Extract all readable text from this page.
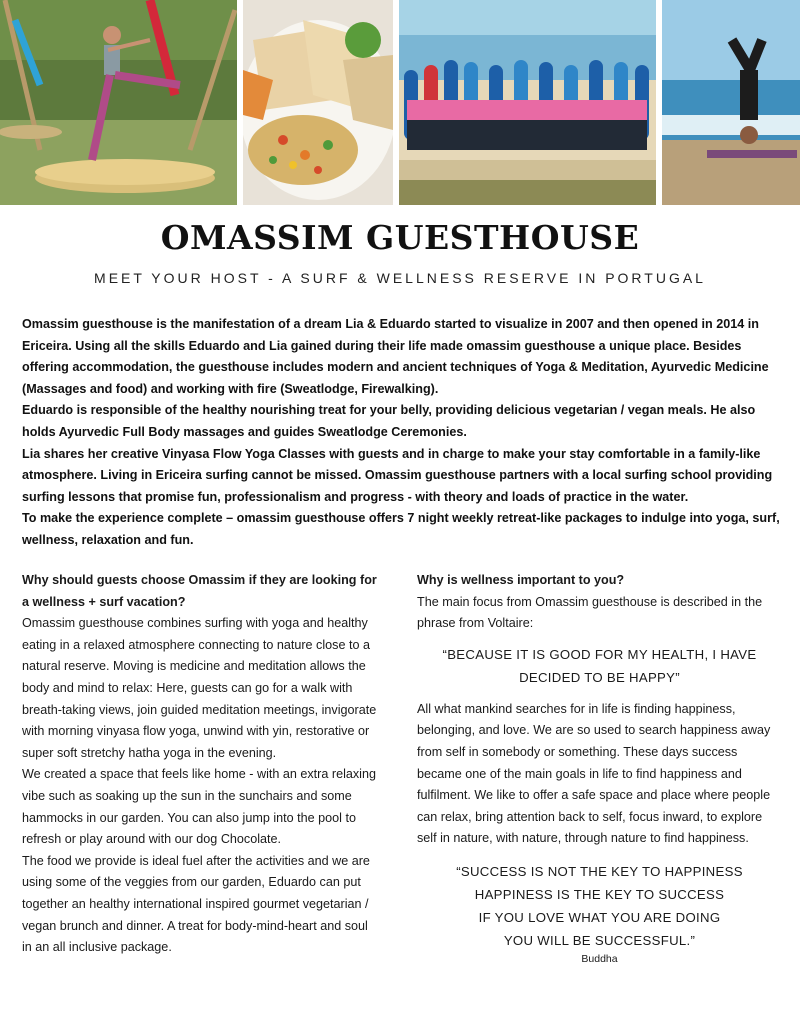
OMASSIM GUESTHOUSE

MEET YOUR HOST - A SURF & WELLNESS RESERVE IN PORTUGAL

Omassim guesthouse is the manifestation of a dream Lia & Eduardo started to visualize in 2007 and then opened in 2014 in Ericeira. Using all the skills Eduardo and Lia gained during their life made omassim guesthouse a unique place. Besides offering accommodation, the guesthouse includes modern and ancient techniques of Yoga & Meditation, Ayurvedic Medicine (Massages and food) and working with fire (Sweatlodge, Firewalking).

Eduardo is responsible of the healthy nourishing treat for your belly, providing delicious vegetarian / vegan meals. He also holds Ayurvedic Full Body massages and guides Sweatlodge Ceremonies.

Lia shares her creative Vinyasa Flow Yoga Classes with guests and in charge to make your stay comfortable in a family-like atmosphere. Living in Ericeira surfing cannot be missed. Omassim guesthouse partners with a local surfing school providing surfing lessons that promise fun, professionalism and progress - with theory and loads of practice in the water.

To make the experience complete – omassim guesthouse offers 7 night weekly retreat-like packages to indulge into yoga, surf, wellness, relaxation and fun.

Why should guests choose Omassim if they are looking for a wellness + surf vacation?

Omassim guesthouse combines surfing with yoga and healthy eating in a relaxed atmosphere connecting to nature close to a natural reserve. Moving is medicine and meditation allows the body and mind to relax: Here, guests can go for a walk with breath-taking views, join guided meditation meetings, invigorate with morning vinyasa flow yoga, unwind with yin, restorative or super soft stretchy hatha yoga in the evening.

We created a space that feels like home - with an extra relaxing vibe such as soaking up the sun in the sunchairs and some hammocks in our garden. You can also jump into the pool to refresh or play around with our dog Chocolate.

The food we provide is ideal fuel after the activities and we are using some of the veggies from our garden, Eduardo can put together an healthy international inspired gourmet vegetarian / vegan brunch and dinner. A treat for body-mind-heart and soul in an all inclusive package.

Why is wellness important to you?

The main focus from Omassim guesthouse is described in the phrase from Voltaire:

“BECAUSE IT IS GOOD FOR MY HEALTH, I HAVE DECIDED TO BE HAPPY”

All what mankind searches for in life is finding happiness, belonging, and love. We are so used to search happiness away from self in somebody or something. These days success became one of the main goals in life to find happiness and fulfilment. We like to offer a safe space and place where people can relax, bring attention back to self, focus inward, to explore self in nature, with nature, through nature to find happiness.

“SUCCESS IS NOT THE KEY TO HAPPINESS
HAPPINESS IS THE KEY TO SUCCESS
IF YOU LOVE WHAT YOU ARE DOING
YOU WILL BE SUCCESSFUL.”

Buddha
